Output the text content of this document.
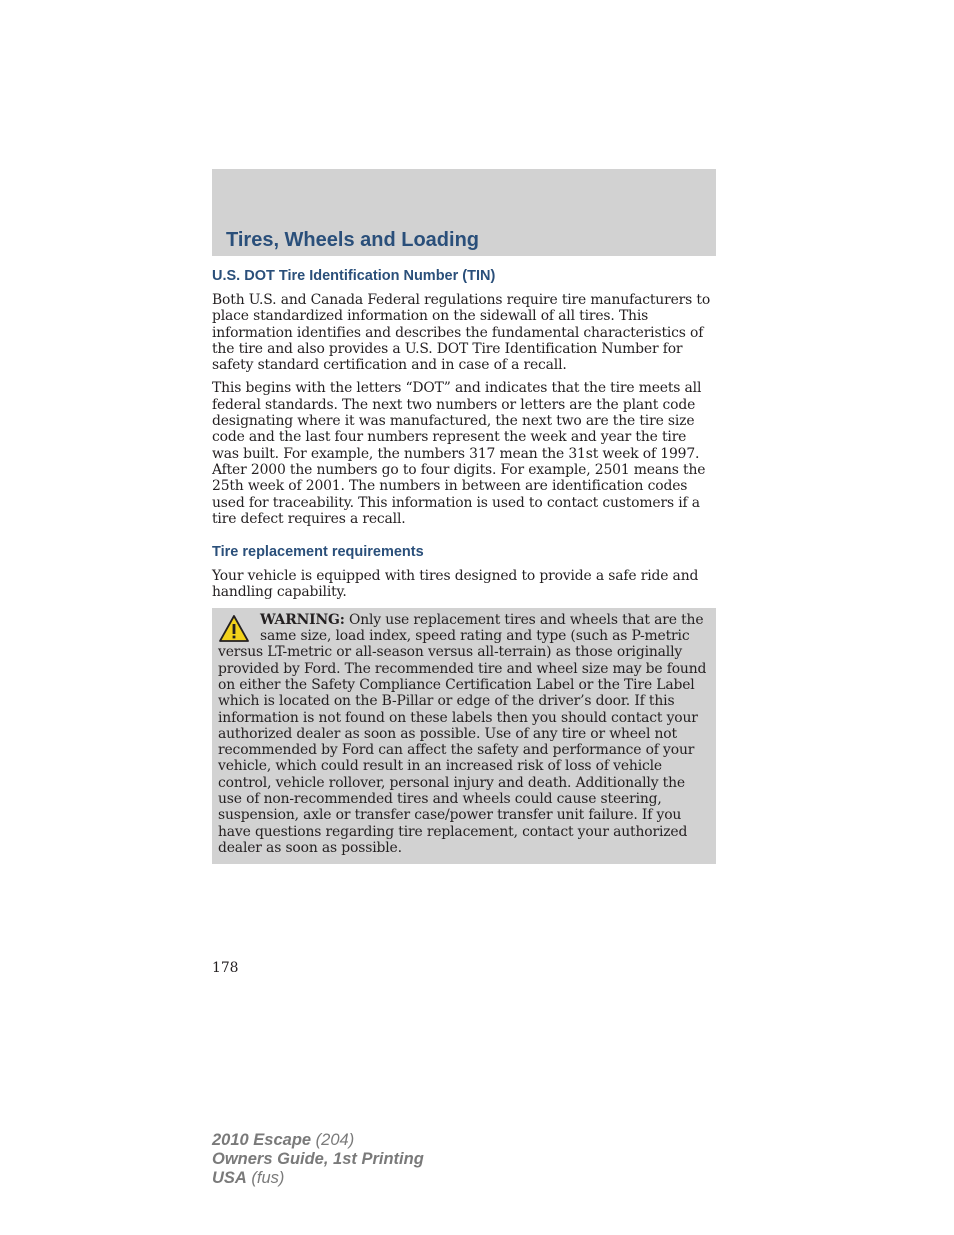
Tires, Wheels and Loading
U.S. DOT Tire Identification Number (TIN)

Both U.S. and Canada Federal regulations require tire manufacturers to place standardized information on the sidewall of all tires. This information identifies and describes the fundamental characteristics of the tire and also provides a U.S. DOT Tire Identification Number for safety standard certification and in case of a recall.

This begins with the letters “DOT” and indicates that the tire meets all federal standards. The next two numbers or letters are the plant code designating where it was manufactured, the next two are the tire size code and the last four numbers represent the week and year the tire was built. For example, the numbers 317 mean the 31st week of 1997. After 2000 the numbers go to four digits. For example, 2501 means the 25th week of 2001. The numbers in between are identification codes used for traceability. This information is used to contact customers if a tire defect requires a recall.

Tire replacement requirements

Your vehicle is equipped with tires designed to provide a safe ride and handling capability.

WARNING: Only use replacement tires and wheels that are the same size, load index, speed rating and type (such as P-metric versus LT-metric or all-season versus all-terrain) as those originally provided by Ford. The recommended tire and wheel size may be found on either the Safety Compliance Certification Label or the Tire Label which is located on the B-Pillar or edge of the driver’s door. If this information is not found on these labels then you should contact your authorized dealer as soon as possible. Use of any tire or wheel not recommended by Ford can affect the safety and performance of your vehicle, which could result in an increased risk of loss of vehicle control, vehicle rollover, personal injury and death. Additionally the use of non-recommended tires and wheels could cause steering, suspension, axle or transfer case/power transfer unit failure. If you have questions regarding tire replacement, contact your authorized dealer as soon as possible.
178
2010 Escape (204)
Owners Guide, 1st Printing
USA (fus)
